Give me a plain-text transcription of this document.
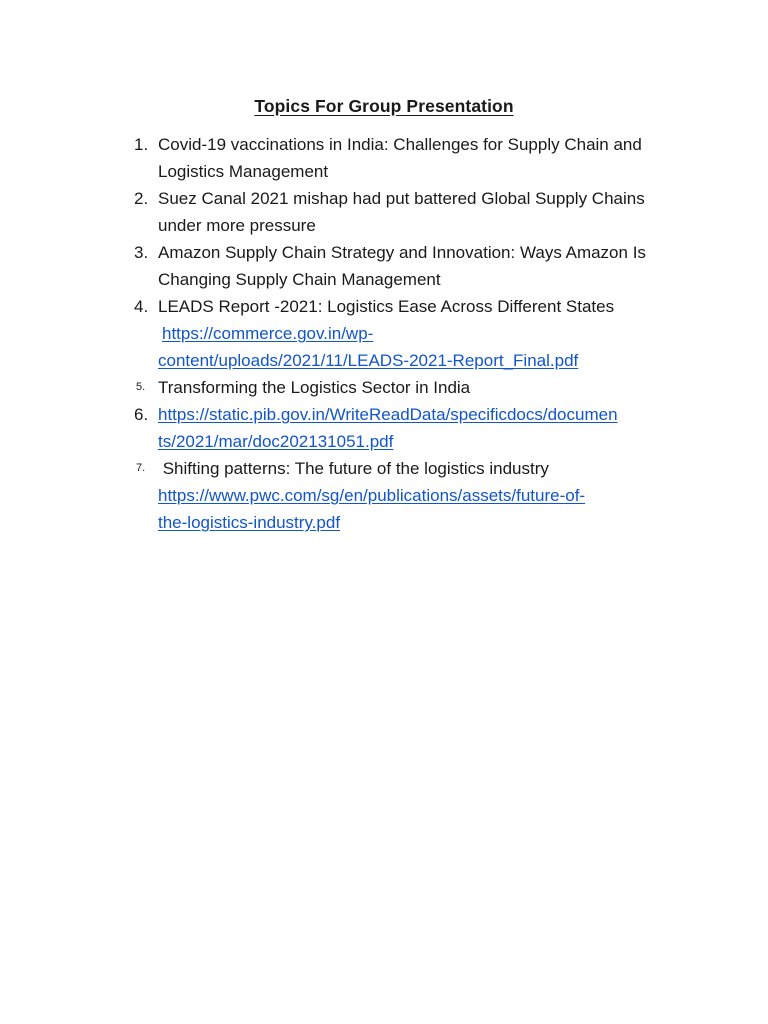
Topics For Group Presentation
1. Covid-19 vaccinations in India: Challenges for Supply Chain and
Logistics Management
2. Suez Canal 2021 mishap had put battered Global Supply Chains
under more pressure
3. Amazon Supply Chain Strategy and Innovation: Ways Amazon Is
Changing Supply Chain Management
4. LEADS Report -2021: Logistics Ease Across Different States
https://commerce.gov.in/wp-
content/uploads/2021/11/LEADS-2021-Report_Final.pdf
5. Transforming the Logistics Sector in India
6. https://static.pib.gov.in/WriteReadData/specificdocs/documen
ts/2021/mar/doc202131051.pdf
7. Shifting patterns: The future of the logistics industry
https://www.pwc.com/sg/en/publications/assets/future-of-
the-logistics-industry.pdf
